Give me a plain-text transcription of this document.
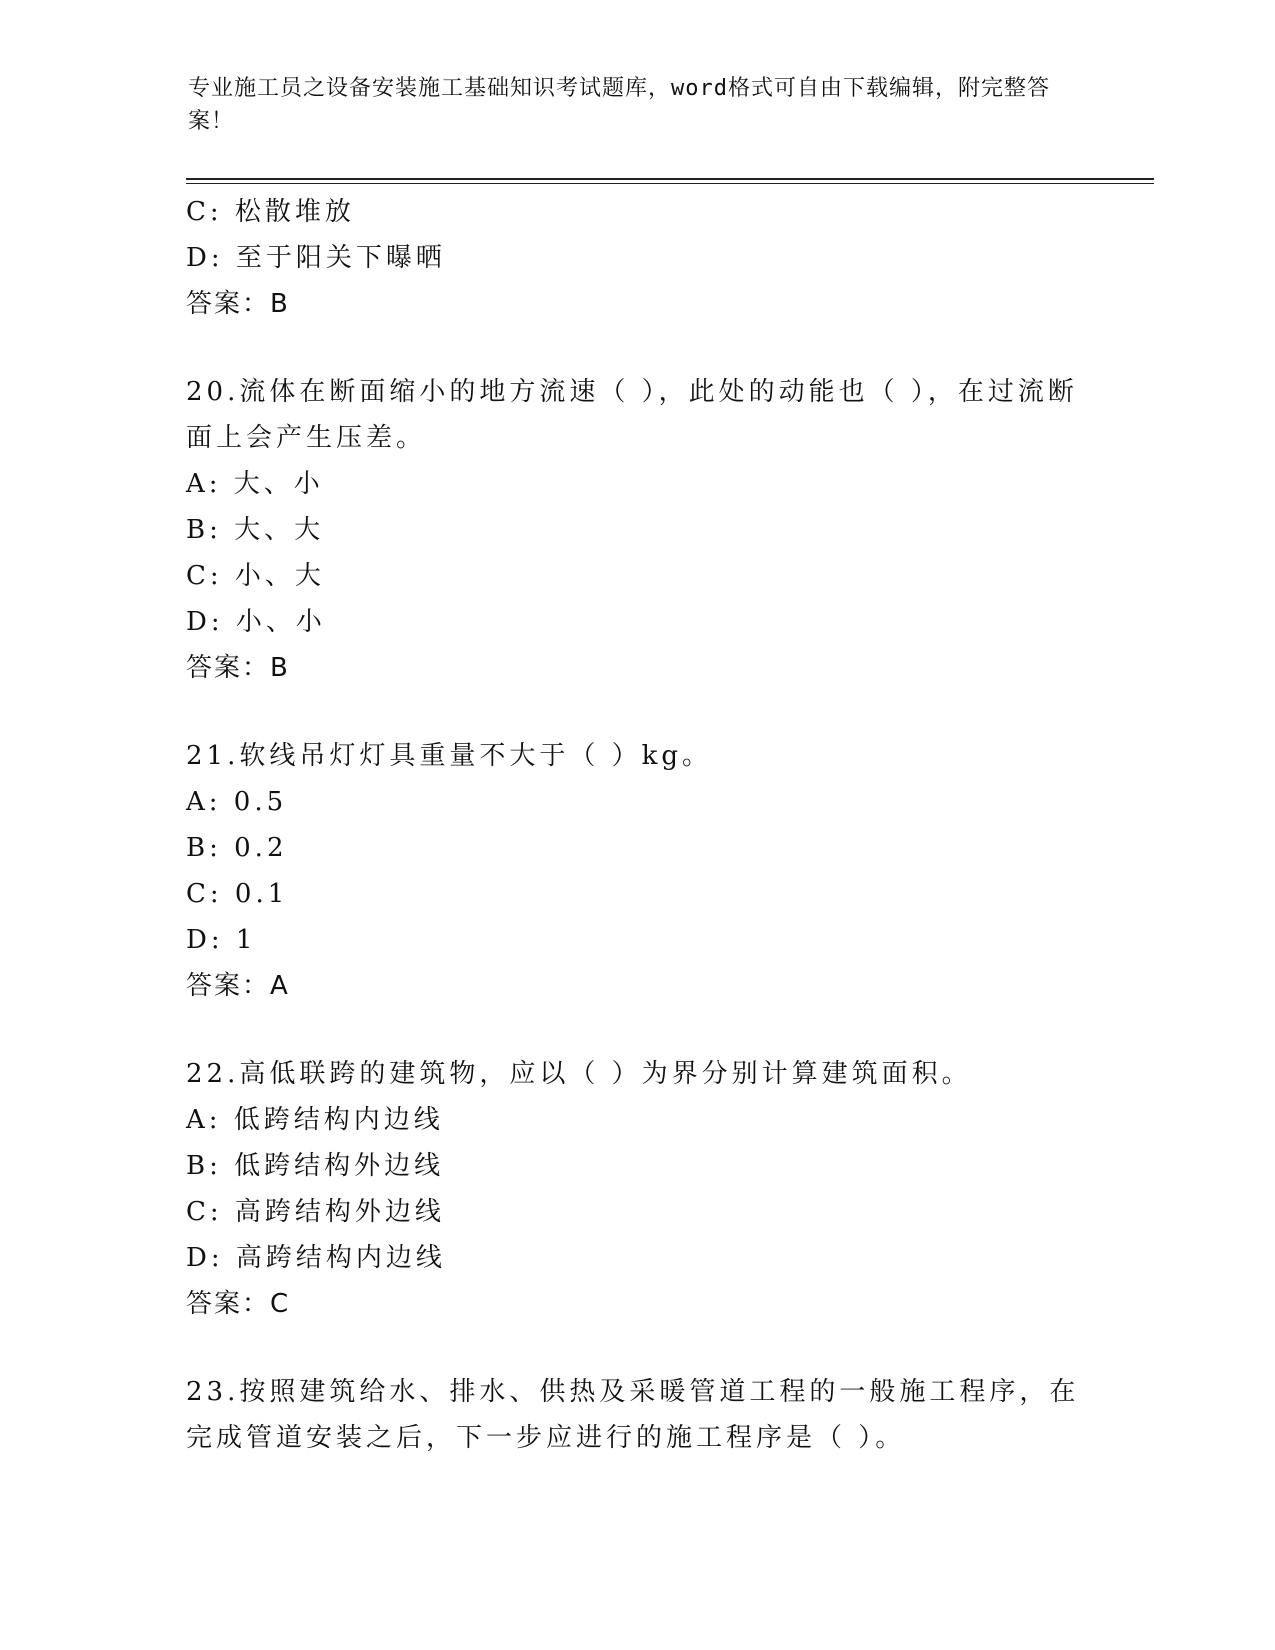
专业施工员之设备安装施工基础知识考试题库，word格式可自由下载编辑，附完整答案！
C: 松散堆放
D: 至于阳关下曝晒
答案：B
20.流体在断面缩小的地方流速（ ），此处的动能也（ ），在过流断面上会产生压差。
A: 大、小
B: 大、大
C: 小、大
D: 小、小
答案：B
21.软线吊灯灯具重量不大于（ ）kg。
A: 0.5
B: 0.2
C: 0.1
D: 1
答案：A
22.高低联跨的建筑物，应以（ ）为界分别计算建筑面积。
A: 低跨结构内边线
B: 低跨结构外边线
C: 高跨结构外边线
D: 高跨结构内边线
答案：C
23.按照建筑给水、排水、供热及采暖管道工程的一般施工程序，在完成管道安装之后，下一步应进行的施工程序是（ ）。
